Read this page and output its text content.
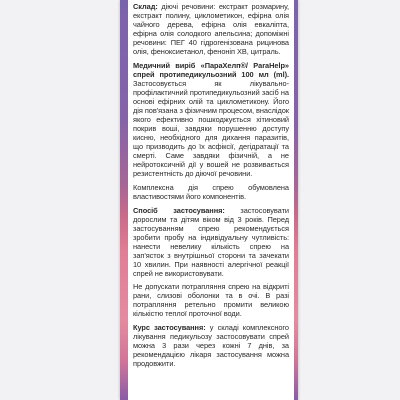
Склад: діючі речовини: екстракт розмарину, екстракт полину, циклометикон, ефірна олія чайного дерева, ефірна олія евкаліпта, ефірна олія солодкого апельсина; допоміжні речовини: ПЕГ 40 гідрогенізована рицинова олія, феноксиетанол, феноніп ХВ, цитраль.

Медичний виріб «ПараХелп®/ ParaHelp» спрей протипедикульозний 100 мл (ml). Застосовується як лікувально-профілактичний протипедикульозний засіб на основі ефірних олій та циклометикону. Його дія пов'язана з фізичним процесом, внаслідок якого ефективно пошкоджується хітиновий покрив воші, завдяки порушенню доступу кисню, необхідного для дихання паразитів, що призводить до їх асфіксії, дегідратації та смерті. Саме завдяки фізичній, а не нейротоксичній дії у вошей не розвивається резистентність до діючої речовини.

Комплексна дія спрею обумовлена властивостями його компонентів.

Спосіб застосування: застосовувати дорослим та дітям віком від 3 років. Перед застосуванням спрею рекомендується зробити пробу на індивідуальну чутливість: нанести невелику кількість спрею на зап'ясток з внутрішньої сторони та зачекати 10 хвилин. При наявності алергічної реакції спрей не використовувати.

Не допускати потрапляння спрею на відкриті рани, слизові оболонки та в очі. В разі потрапляння ретельно промити великою кількістю теплої проточної води.

Курс застосування: у складі комплексного лікування педикульозу застосовувати спрей можна 3 рази через кожні 7 днів, за рекомендацією лікаря застосування можна продовжити.
